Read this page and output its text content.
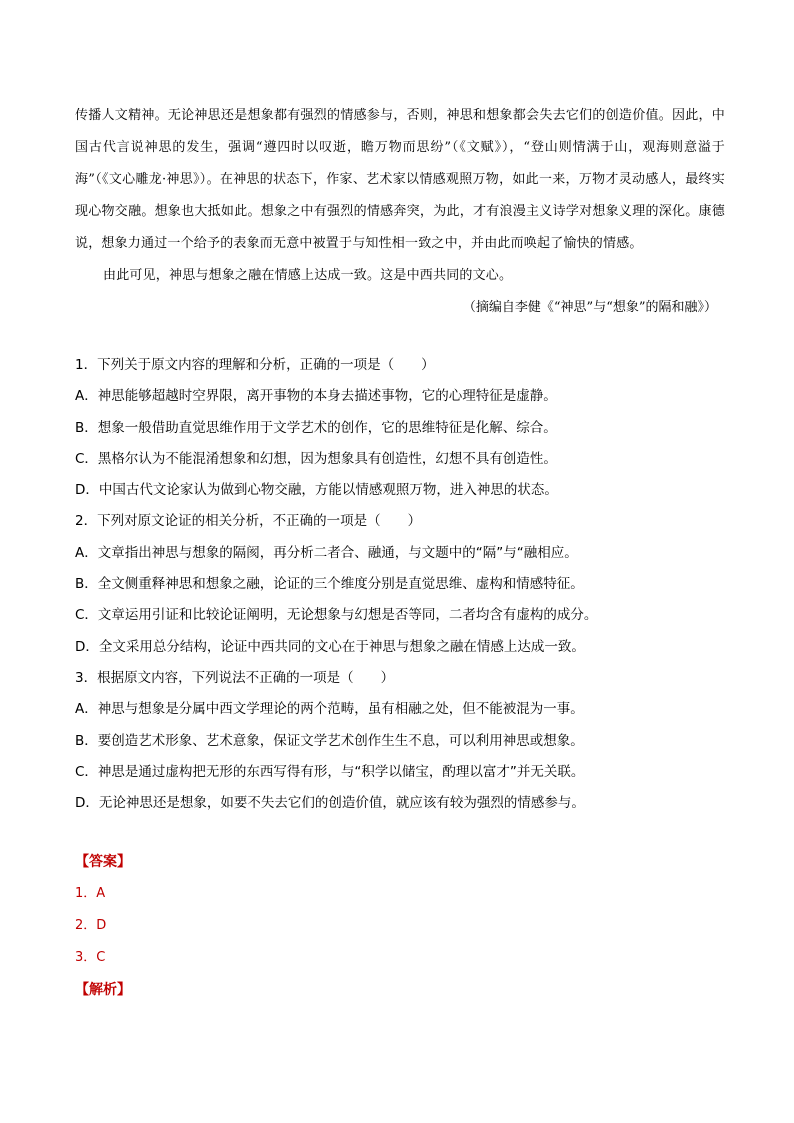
传播人文精神。无论神思还是想象都有强烈的情感参与，否则，神思和想象都会失去它们的创造价值。因此，中国古代言说神思的发生，强调“遵四时以叹逝，瞻万物而思纷”（《文赋》），“登山则情满于山，观海则意溢于海”（《文心雕龙·神思》）。在神思的状态下，作家、艺术家以情感观照万物，如此一来，万物才灵动感人，最终实现心物交融。想象也大抵如此。想象之中有强烈的情感奔突，为此，才有浪漫主义诗学对想象义理的深化。康德说，想象力通过一个给予的表象而无意中被置于与知性相一致之中，并由此而唤起了愉快的情感。

由此可见，神思与想象之融在情感上达成一致。这是中西共同的文心。

（摘编自李健《“神思”与“想象”的隔和融》）

1．下列关于原文内容的理解和分析，正确的一项是（　　）

A．神思能够超越时空界限，离开事物的本身去描述事物，它的心理特征是虚静。

B．想象一般借助直觉思维作用于文学艺术的创作，它的思维特征是化解、综合。

C．黑格尔认为不能混淆想象和幻想，因为想象具有创造性，幻想不具有创造性。

D．中国古代文论家认为做到心物交融，方能以情感观照万物，进入神思的状态。

2．下列对原文论证的相关分析，不正确的一项是（　　）

A．文章指出神思与想象的隔阂，再分析二者合、融通，与文题中的“隔”与“融相应。

B．全文侧重释神思和想象之融，论证的三个维度分别是直觉思维、虚构和情感特征。

C．文章运用引证和比较论证阐明，无论想象与幻想是否等同，二者均含有虚构的成分。

D．全文采用总分结构，论证中西共同的文心在于神思与想象之融在情感上达成一致。

3．根据原文内容，下列说法不正确的一项是（　　）

A．神思与想象是分属中西文学理论的两个范畴，虽有相融之处，但不能被混为一事。

B．要创造艺术形象、艺术意象，保证文学艺术创作生生不息，可以利用神思或想象。

C．神思是通过虚构把无形的东西写得有形，与“积学以储宝，酌理以富才”并无关联。

D．无论神思还是想象，如要不失去它们的创造价值，就应该有较为强烈的情感参与。

【答案】

1．A

2．D

3．C

【解析】
